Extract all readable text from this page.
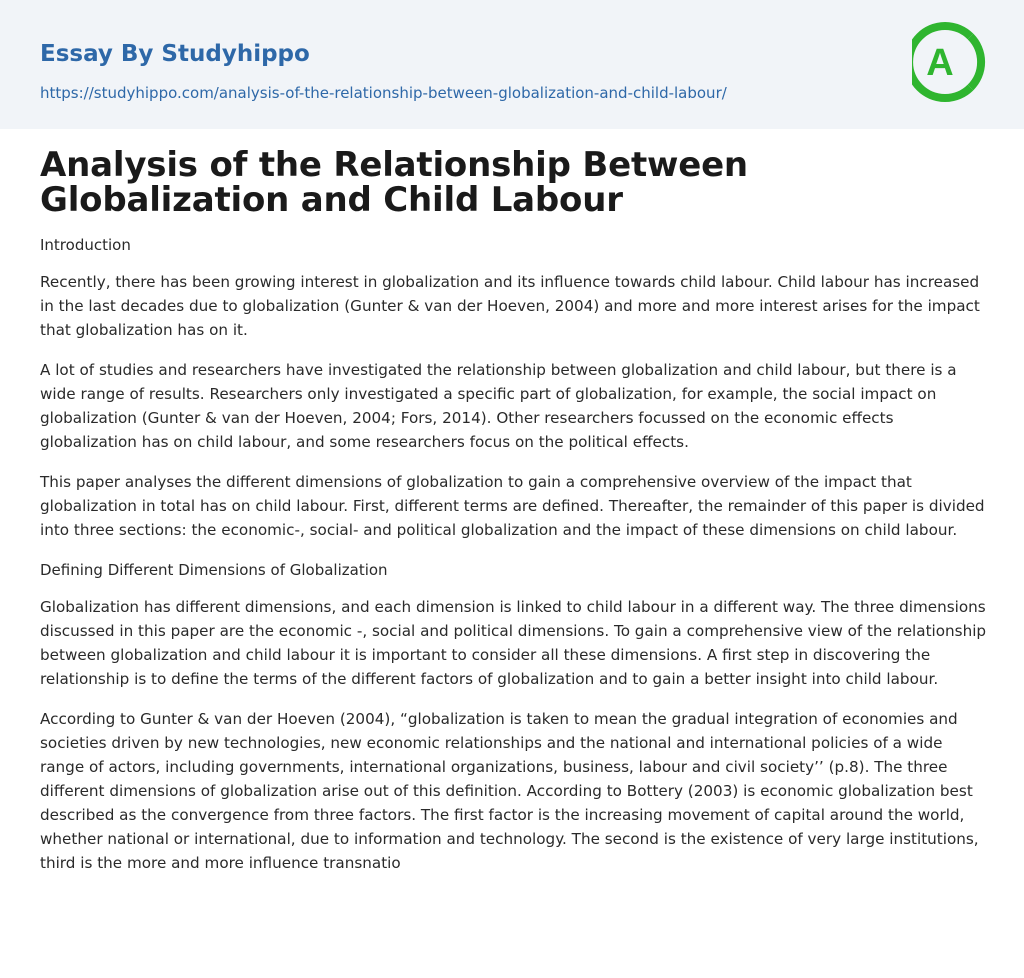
Essay By Studyhippo
https://studyhippo.com/analysis-of-the-relationship-between-globalization-and-child-labour/
A
Analysis of the Relationship Between Globalization and Child Labour
Introduction

Recently, there has been growing interest in globalization and its influence towards child labour. Child labour has increased in the last decades due to globalization (Gunter & van der Hoeven, 2004) and more and more interest arises for the impact that globalization has on it.

A lot of studies and researchers have investigated the relationship between globalization and child labour, but there is a wide range of results. Researchers only investigated a specific part of globalization, for example, the social impact on globalization (Gunter & van der Hoeven, 2004; Fors, 2014). Other researchers focussed on the economic effects globalization has on child labour, and some researchers focus on the political effects.

This paper analyses the different dimensions of globalization to gain a comprehensive overview of the impact that globalization in total has on child labour. First, different terms are defined. Thereafter, the remainder of this paper is divided into three sections: the economic-, social- and political globalization and the impact of these dimensions on child labour.

Defining Different Dimensions of Globalization

Globalization has different dimensions, and each dimension is linked to child labour in a different way. The three dimensions discussed in this paper are the economic -, social and political dimensions. To gain a comprehensive view of the relationship between globalization and child labour it is important to consider all these dimensions. A first step in discovering the relationship is to define the terms of the different factors of globalization and to gain a better insight into child labour.

According to Gunter & van der Hoeven (2004), “globalization is taken to mean the gradual integration of economies and societies driven by new technologies, new economic relationships and the national and international policies of a wide range of actors, including governments, international organizations, business, labour and civil society’’ (p.8). The three different dimensions of globalization arise out of this definition. According to Bottery (2003) is economic globalization best described as the convergence from three factors. The first factor is the increasing movement of capital around the world, whether national or international, due to information and technology. The second is the existence of very large institutions, third is the more and more influence transnatio
